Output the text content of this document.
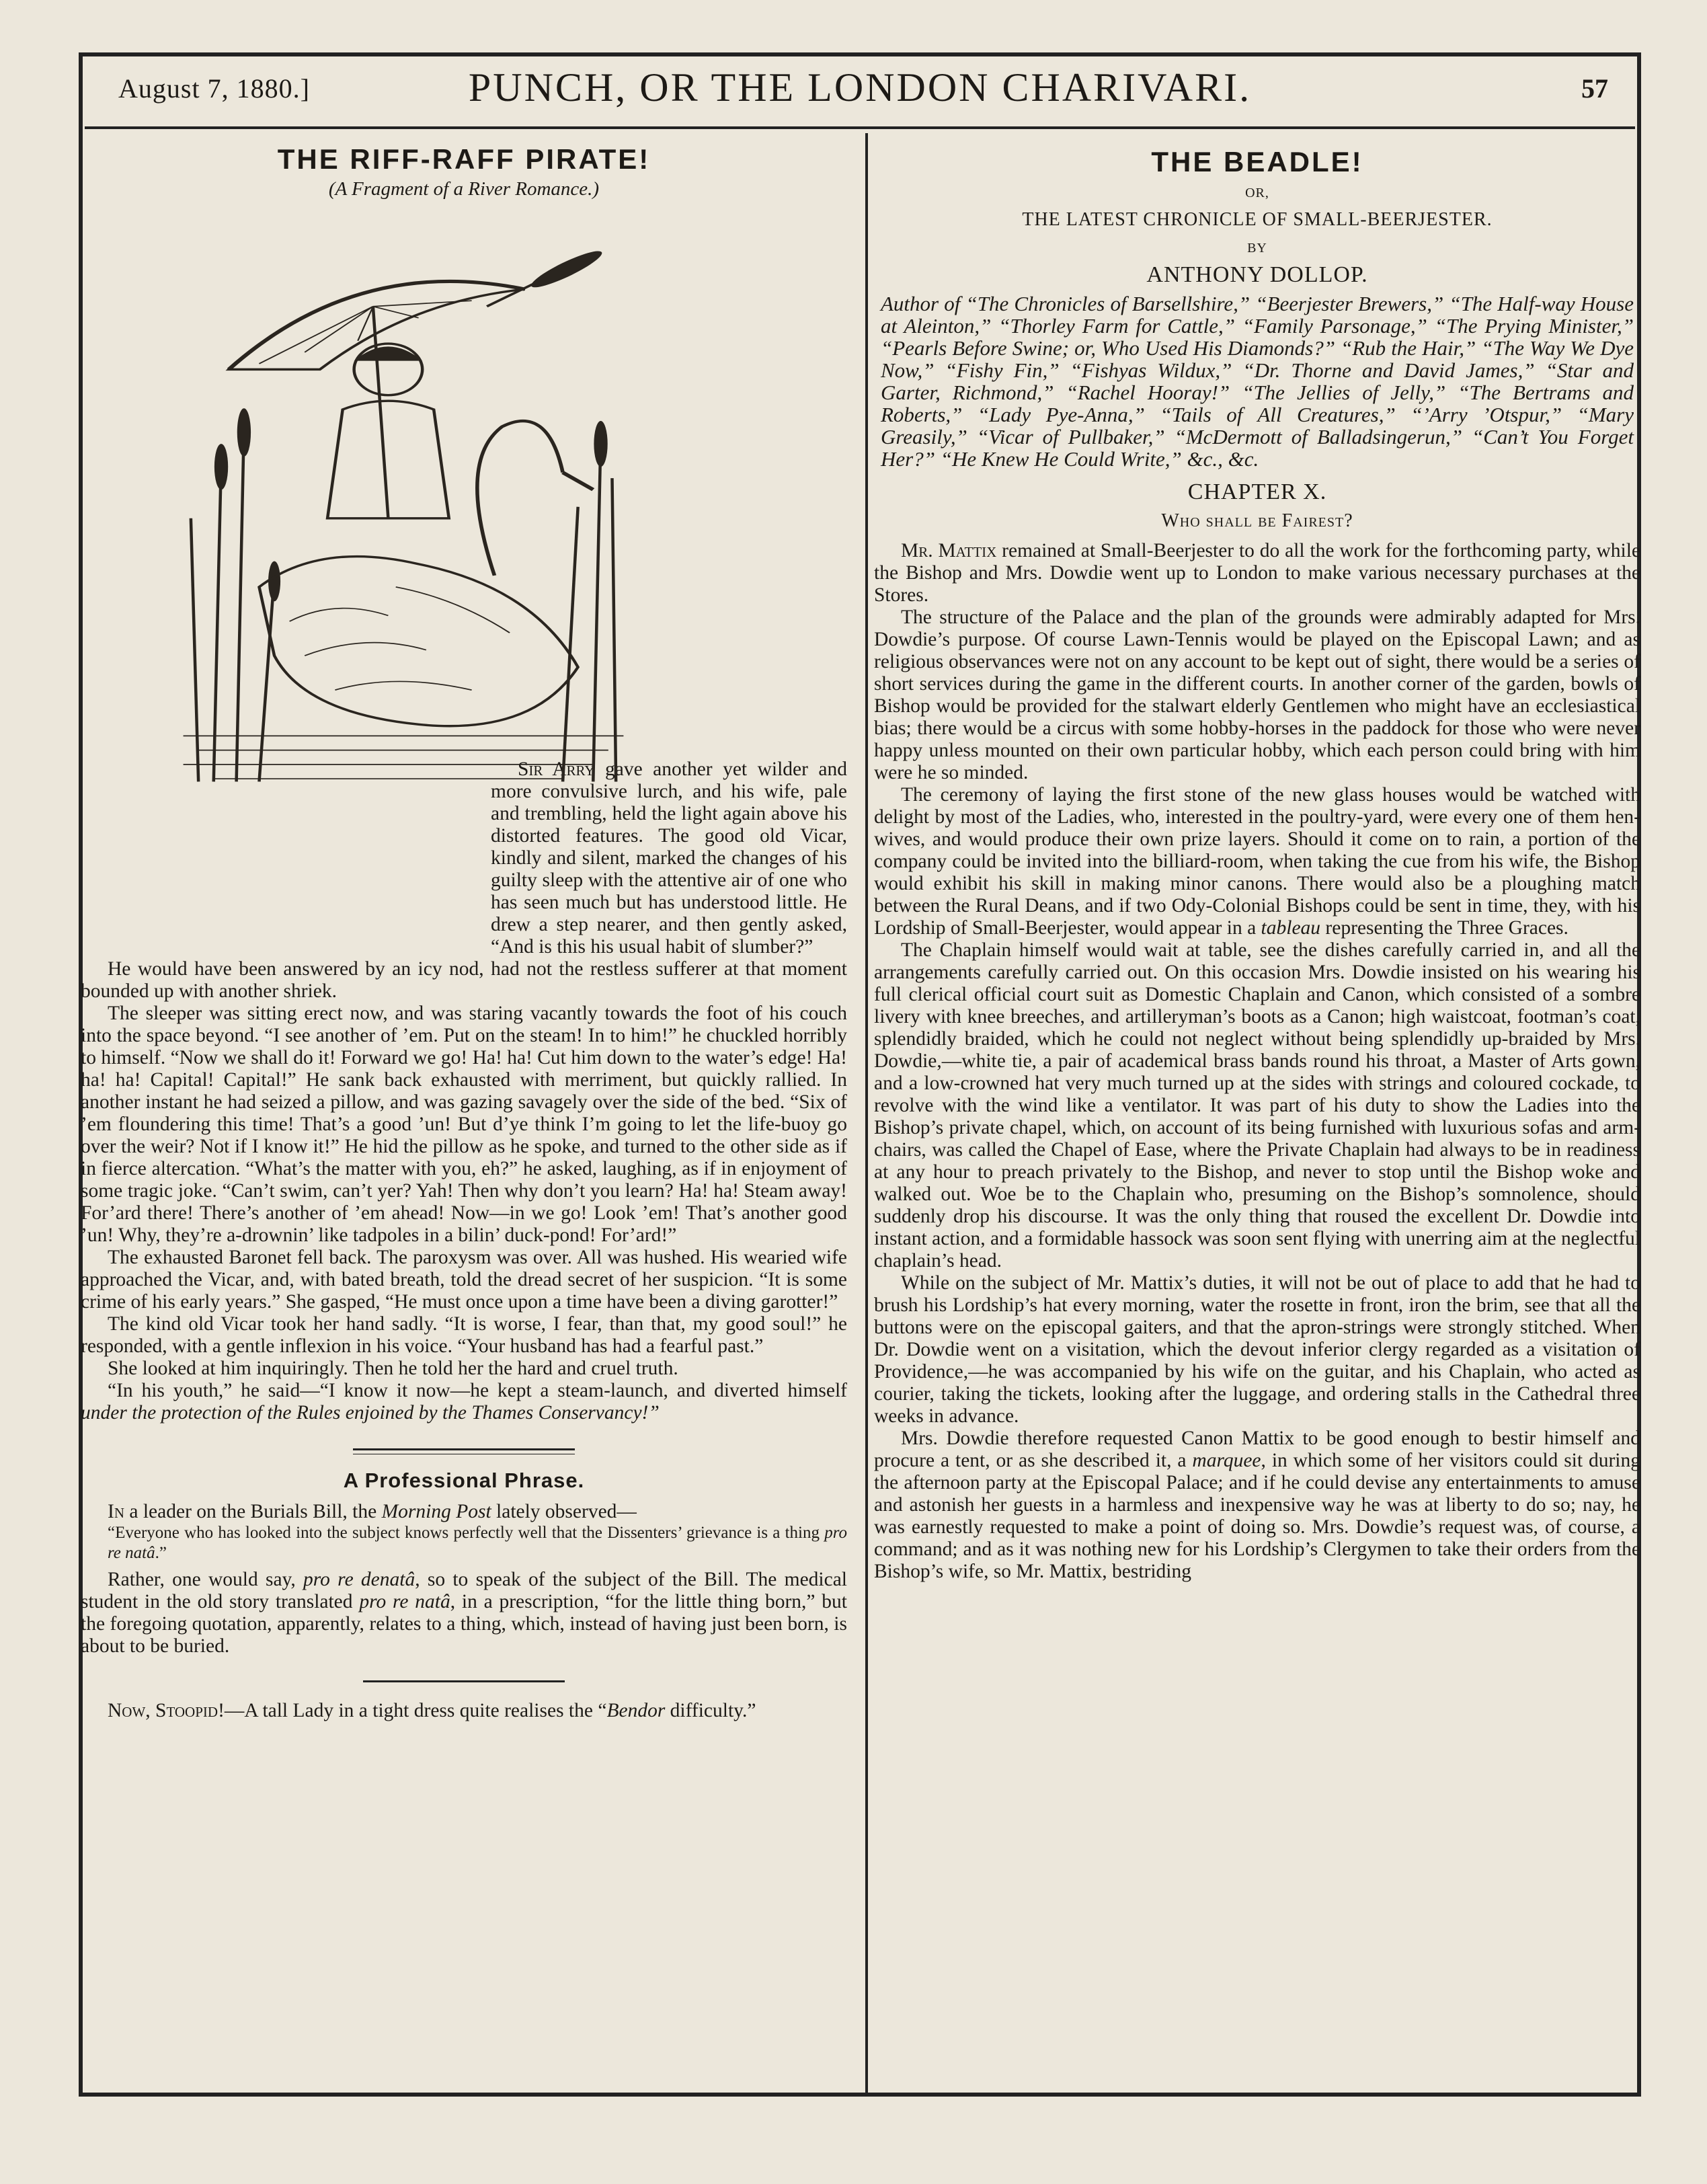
August 7, 1880.]	PUNCH, OR THE LONDON CHARIVARI.	57
THE RIFF-RAFF PIRATE!
(A Fragment of a River Romance.)

Sir Arry gave another yet wilder and more convulsive lurch, and his wife, pale and trembling, held the light again above his distorted features. The good old Vicar, kindly and silent, marked the changes of his guilty sleep with the attentive air of one who has seen much but has understood little. He drew a step nearer, and then gently asked, “And is this his usual habit of slumber?”

He would have been answered by an icy nod, had not the restless sufferer at that moment bounded up with another shriek.

The sleeper was sitting erect now, and was staring vacantly towards the foot of his couch into the space beyond. “I see another of ’em. Put on the steam! In to him!” he chuckled horribly to himself. “Now we shall do it! Forward we go! Ha! ha! Cut him down to the water’s edge! Ha! ha! ha! Capital! Capital!” He sank back exhausted with merriment, but quickly rallied. In another instant he had seized a pillow, and was gazing savagely over the side of the bed. “Six of ’em floundering this time! That’s a good ’un! But d’ye think I’m going to let the life-buoy go over the weir? Not if I know it!” He hid the pillow as he spoke, and turned to the other side as if in fierce altercation. “What’s the matter with you, eh?” he asked, laughing, as if in enjoyment of some tragic joke. “Can’t swim, can’t yer? Yah! Then why don’t you learn? Ha! ha! Steam away! For’ard there! There’s another of ’em ahead! Now—in we go! Look ’em! That’s another good ’un! Why, they’re a-drownin’ like tadpoles in a bilin’ duck-pond! For’ard!”

The exhausted Baronet fell back. The paroxysm was over. All was hushed. His wearied wife approached the Vicar, and, with bated breath, told the dread secret of her suspicion. “It is some crime of his early years.” She gasped, “He must once upon a time have been a diving garotter!”

The kind old Vicar took her hand sadly. “It is worse, I fear, than that, my good soul!” he responded, with a gentle inflexion in his voice. “Your husband has had a fearful past.”

She looked at him inquiringly. Then he told her the hard and cruel truth.

“In his youth,” he said—“I know it now—he kept a steam-launch, and diverted himself under the protection of the Rules enjoined by the Thames Conservancy!”

A Professional Phrase.

In a leader on the Burials Bill, the Morning Post lately observed—

“Everyone who has looked into the subject knows perfectly well that the Dissenters’ grievance is a thing pro re natâ.”

Rather, one would say, pro re denatâ, so to speak of the subject of the Bill. The medical student in the old story translated pro re natâ, in a prescription, “for the little thing born,” but the foregoing quotation, apparently, relates to a thing, which, instead of having just been born, is about to be buried.

Now, Stoopid!—A tall Lady in a tight dress quite realises the “Bendor difficulty.”

THE BEADLE!
OR,
THE LATEST CHRONICLE OF SMALL-BEERJESTER.
BY
ANTHONY DOLLOP.

Author of “The Chronicles of Barsellshire,” “Beerjester Brewers,” “The Half-way House at Aleinton,” “Thorley Farm for Cattle,” “Family Parsonage,” “The Prying Minister,” “Pearls Before Swine; or, Who Used His Diamonds?” “Rub the Hair,” “The Way We Dye Now,” “Fishy Fin,” “Fishyas Wildux,” “Dr. Thorne and David James,” “Star and Garter, Richmond,” “Rachel Hooray!” “The Jellies of Jelly,” “The Bertrams and Roberts,” “Lady Pye-Anna,” “Tails of All Creatures,” “’Arry ’Otspur,” “Mary Greasily,” “Vicar of Pullbaker,” “McDermott of Balladsingerun,” “Can’t You Forget Her?” “He Knew He Could Write,” &c., &c.

CHAPTER X.
Who shall be Fairest?

Mr. Mattix remained at Small-Beerjester to do all the work for the forthcoming party, while the Bishop and Mrs. Dowdie went up to London to make various necessary purchases at the Stores.

The structure of the Palace and the plan of the grounds were admirably adapted for Mrs. Dowdie’s purpose. Of course Lawn-Tennis would be played on the Episcopal Lawn; and as religious observances were not on any account to be kept out of sight, there would be a series of short services during the game in the different courts. In another corner of the garden, bowls of Bishop would be provided for the stalwart elderly Gentlemen who might have an ecclesiastical bias; there would be a circus with some hobby-horses in the paddock for those who were never happy unless mounted on their own particular hobby, which each person could bring with him were he so minded.

The ceremony of laying the first stone of the new glass houses would be watched with delight by most of the Ladies, who, interested in the poultry-yard, were every one of them hen-wives, and would produce their own prize layers. Should it come on to rain, a portion of the company could be invited into the billiard-room, when taking the cue from his wife, the Bishop would exhibit his skill in making minor canons. There would also be a ploughing match between the Rural Deans, and if two Ody-Colonial Bishops could be sent in time, they, with his Lordship of Small-Beerjester, would appear in a tableau representing the Three Graces.

The Chaplain himself would wait at table, see the dishes carefully carried in, and all the arrangements carefully carried out. On this occasion Mrs. Dowdie insisted on his wearing his full clerical official court suit as Domestic Chaplain and Canon, which consisted of a sombre livery with knee breeches, and artilleryman’s boots as a Canon; high waistcoat, footman’s coat, splendidly braided, which he could not neglect without being splendidly up-braided by Mrs. Dowdie,—white tie, a pair of academical brass bands round his throat, a Master of Arts gown, and a low-crowned hat very much turned up at the sides with strings and coloured cockade, to revolve with the wind like a ventilator. It was part of his duty to show the Ladies into the Bishop’s private chapel, which, on account of its being furnished with luxurious sofas and arm-chairs, was called the Chapel of Ease, where the Private Chaplain had always to be in readiness at any hour to preach privately to the Bishop, and never to stop until the Bishop woke and walked out. Woe be to the Chaplain who, presuming on the Bishop’s somnolence, should suddenly drop his discourse. It was the only thing that roused the excellent Dr. Dowdie into instant action, and a formidable hassock was soon sent flying with unerring aim at the neglectful chaplain’s head.

While on the subject of Mr. Mattix’s duties, it will not be out of place to add that he had to brush his Lordship’s hat every morning, water the rosette in front, iron the brim, see that all the buttons were on the episcopal gaiters, and that the apron-strings were strongly stitched. When Dr. Dowdie went on a visitation, which the devout inferior clergy regarded as a visitation of Providence,—he was accompanied by his wife on the guitar, and his Chaplain, who acted as courier, taking the tickets, looking after the luggage, and ordering stalls in the Cathedral three weeks in advance.

Mrs. Dowdie therefore requested Canon Mattix to be good enough to bestir himself and procure a tent, or as she described it, a marquee, in which some of her visitors could sit during the afternoon party at the Episcopal Palace; and if he could devise any entertainments to amuse and astonish her guests in a harmless and inexpensive way he was at liberty to do so; nay, he was earnestly requested to make a point of doing so. Mrs. Dowdie’s request was, of course, a command; and as it was nothing new for his Lordship’s Clergymen to take their orders from the Bishop’s wife, so Mr. Mattix, bestriding
